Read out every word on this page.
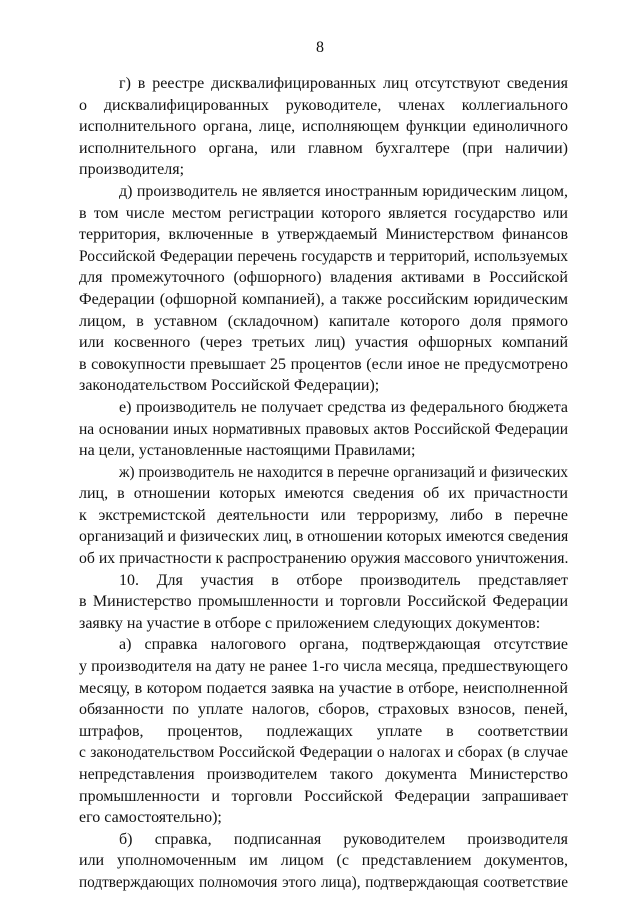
8

г) в реестре дисквалифицированных лиц отсутствуют сведения
о дисквалифицированных руководителе, членах коллегиального
исполнительного органа, лице, исполняющем функции единоличного
исполнительного органа, или главном бухгалтере (при наличии)
производителя;

д) производитель не является иностранным юридическим лицом,
в том числе местом регистрации которого является государство или
территория, включенные в утверждаемый Министерством финансов
Российской Федерации перечень государств и территорий, используемых
для промежуточного (офшорного) владения активами в Российской
Федерации (офшорной компанией), а также российским юридическим
лицом, в уставном (складочном) капитале которого доля прямого
или косвенного (через третьих лиц) участия офшорных компаний
в совокупности превышает 25 процентов (если иное не предусмотрено
законодательством Российской Федерации);

е) производитель не получает средства из федерального бюджета
на основании иных нормативных правовых актов Российской Федерации
на цели, установленные настоящими Правилами;

ж) производитель не находится в перечне организаций и физических
лиц, в отношении которых имеются сведения об их причастности
к экстремистской деятельности или терроризму, либо в перечне
организаций и физических лиц, в отношении которых имеются сведения
об их причастности к распространению оружия массового уничтожения.

10. Для участия в отборе производитель представляет
в Министерство промышленности и торговли Российской Федерации
заявку на участие в отборе с приложением следующих документов:

а) справка налогового органа, подтверждающая отсутствие
у производителя на дату не ранее 1-го числа месяца, предшествующего
месяцу, в котором подается заявка на участие в отборе, неисполненной
обязанности по уплате налогов, сборов, страховых взносов, пеней,
штрафов, процентов, подлежащих уплате в соответствии
с законодательством Российской Федерации о налогах и сборах (в случае
непредставления производителем такого документа Министерство
промышленности и торговли Российской Федерации запрашивает
его самостоятельно);

б) справка, подписанная руководителем производителя
или уполномоченным им лицом (с представлением документов,
подтверждающих полномочия этого лица), подтверждающая соответствие
